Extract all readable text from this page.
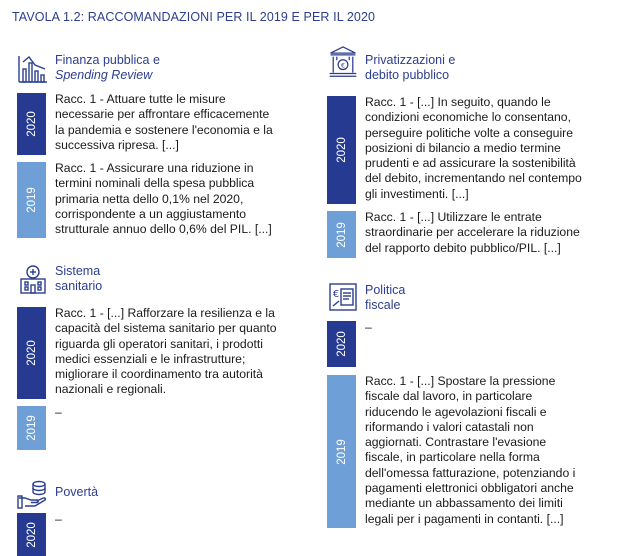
TAVOLA 1.2: RACCOMANDAZIONI PER IL 2019 E PER IL 2020
Finanza pubblica e
Spending Review
2020

Racc. 1 - Attuare tutte le misure

necessarie per affrontare efficacemente

la pandemia e sostenere l'economia e la

successiva ripresa. [...]

2019

Racc. 1 - Assicurare una riduzione in

termini nominali della spesa pubblica

primaria netta dello 0,1% nel 2020,

corrispondente a un aggiustamento

strutturale annuo dello 0,6% del PIL. [...]

Sistema
sanitario
2020

Racc. 1 - [...] Rafforzare la resilienza e la

capacità del sistema sanitario per quanto

riguarda gli operatori sanitari, i prodotti

medici essenziali e le infrastrutture;

migliorare il coordinamento tra autorità

nazionali e regionali.

2019

–

Povertà
2020

–

€ Privatizzazioni e
debito pubblico
2020

Racc. 1 - [...] In seguito, quando le

condizioni economiche lo consentano,

perseguire politiche volte a conseguire

posizioni di bilancio a medio termine

prudenti e ad assicurare la sostenibilità

del debito, incrementando nel contempo

gli investimenti. [...]

2019

Racc. 1 - [...] Utilizzare le entrate

straordinarie per accelerare la riduzione

del rapporto debito pubblico/PIL. [...]

€ Politica
fiscale
2020

–

2019

Racc. 1 - [...] Spostare la pressione

fiscale dal lavoro, in particolare

riducendo le agevolazioni fiscali e

riformando i valori catastali non

aggiornati. Contrastare l'evasione

fiscale, in particolare nella forma

dell'omessa fatturazione, potenziando i

pagamenti elettronici obbligatori anche

mediante un abbassamento dei limiti

legali per i pagamenti in contanti. [...]
